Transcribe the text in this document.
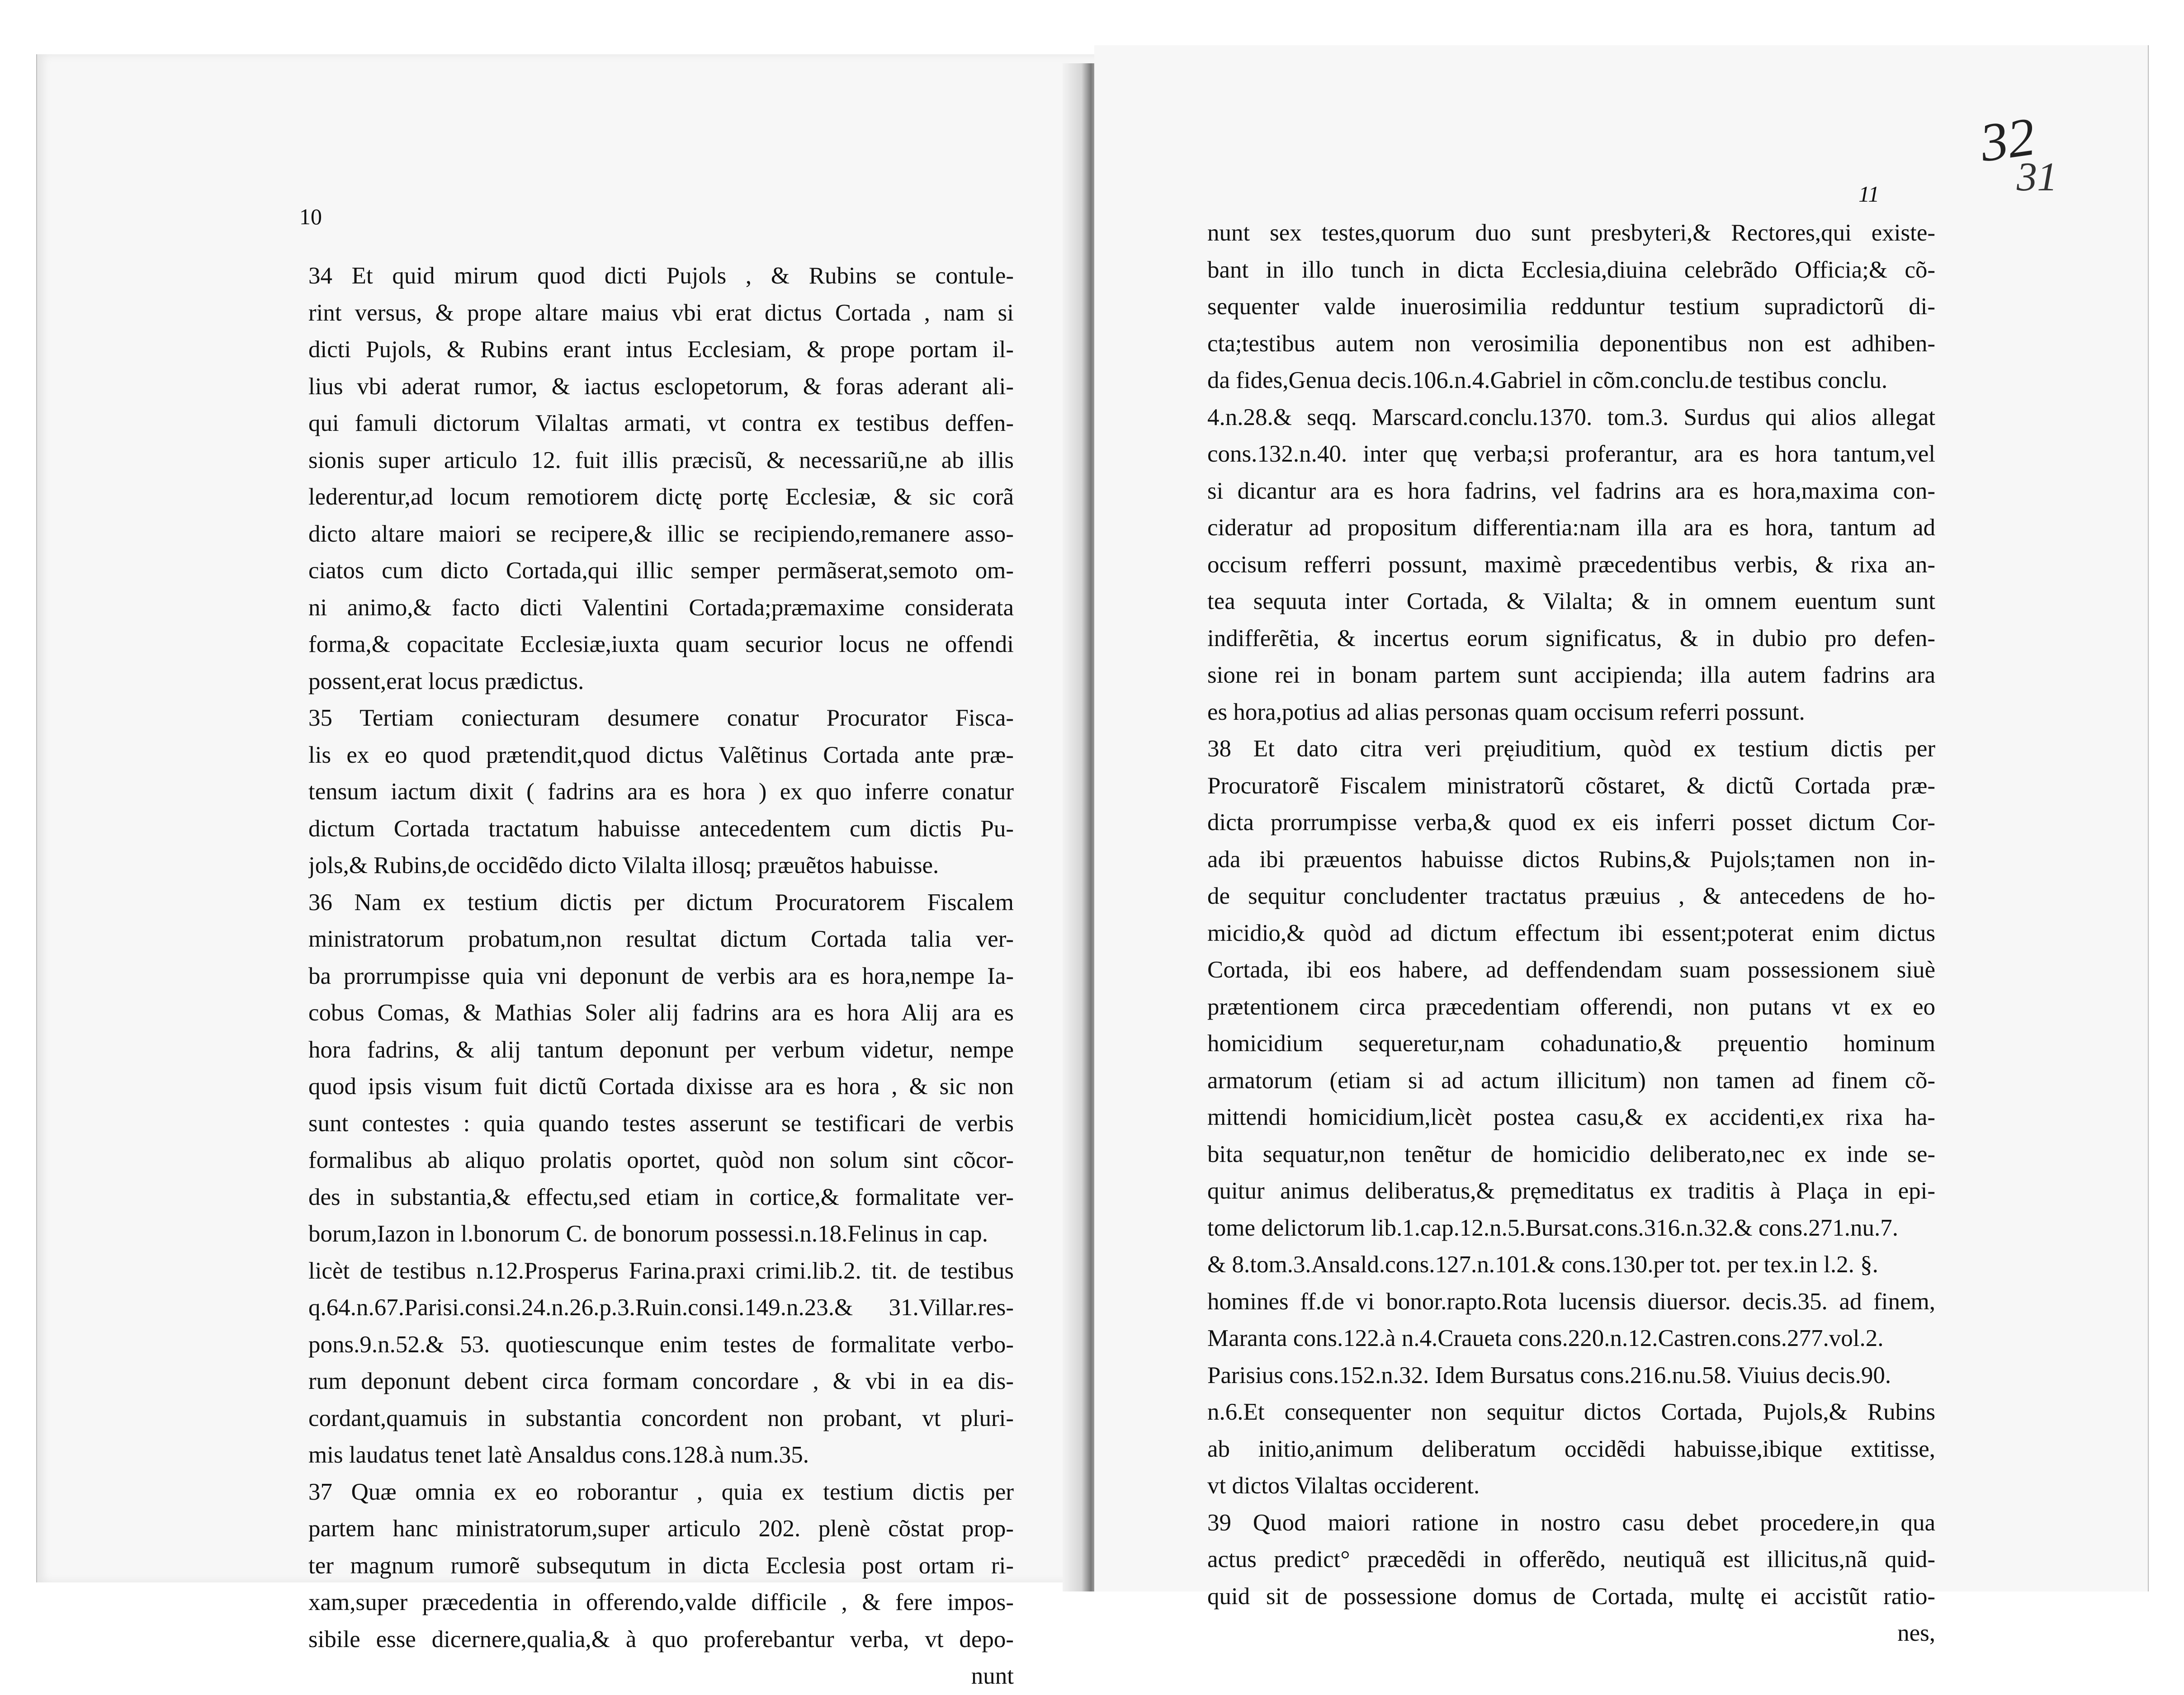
10
34 Et quid mirum quod dicti Pujols , & Rubins se contule-
rint versus, & prope altare maius vbi erat dictus Cortada , nam si
dicti Pujols, & Rubins erant intus Ecclesiam, & prope portam il-
lius vbi aderat rumor, & iactus esclopetorum, & foras aderant ali-
qui famuli dictorum Vilaltas armati, vt contra ex testibus deffen-
sionis super articulo 12. fuit illis præcisũ, & necessariũ,ne ab illis
lederentur,ad locum remotiorem dictę portę Ecclesiæ, & sic corã
dicto altare maiori se recipere,& illic se recipiendo,remanere asso-
ciatos cum dicto Cortada,qui illic semper permãserat,semoto om-
ni animo,& facto dicti Valentini Cortada;præmaxime considerata
forma,& copacitate Ecclesiæ,iuxta quam securior locus ne offendi
possent,erat locus prædictus.
35 Tertiam coniecturam desumere conatur Procurator Fisca-
lis ex eo quod prætendit,quod dictus Valẽtinus Cortada ante præ-
tensum iactum dixit ( fadrins ara es hora ) ex quo inferre conatur
dictum Cortada tractatum habuisse antecedentem cum dictis Pu-
jols,& Rubins,de occidẽdo dicto Vilalta illosq; præuẽtos habuisse.
36 Nam ex testium dictis per dictum Procuratorem Fiscalem
ministratorum probatum,non resultat dictum Cortada talia ver-
ba prorrumpisse quia vni deponunt de verbis ara es hora,nempe Ia-
cobus Comas, & Mathias Soler alij fadrins ara es hora Alij ara es
hora fadrins, & alij tantum deponunt per verbum videtur, nempe
quod ipsis visum fuit dictũ Cortada dixisse ara es hora , & sic non
sunt contestes : quia quando testes asserunt se testificari de verbis
formalibus ab aliquo prolatis oportet, quòd non solum sint cõcor-
des in substantia,& effectu,sed etiam in cortice,& formalitate ver-
borum,Iazon in l.bonorum C. de bonorum possessi.n.18.Felinus in cap.
licèt de testibus n.12.Prosperus Farina.praxi crimi.lib.2. tit. de testibus
q.64.n.67.Parisi.consi.24.n.26.p.3.Ruin.consi.149.n.23.& 31.Villar.res-
pons.9.n.52.& 53. quotiescunque enim testes de formalitate verbo-
rum deponunt debent circa formam concordare , & vbi in ea dis-
cordant,quamuis in substantia concordent non probant, vt pluri-
mis laudatus tenet latè Ansaldus cons.128.à num.35.
37 Quæ omnia ex eo roborantur , quia ex testium dictis per
partem hanc ministratorum,super articulo 202. plenè cõstat prop-
ter magnum rumorẽ subsequtum in dicta Ecclesia post ortam ri-
xam,super præcedentia in offerendo,valde difficile , & fere impos-
sibile esse dicernere,qualia,& à quo proferebantur verba, vt depo-
nunt
32
31
11
nunt sex testes,quorum duo sunt presbyteri,& Rectores,qui existe-
bant in illo tunch in dicta Ecclesia,diuina celebrãdo Officia;& cõ-
sequenter valde inuerosimilia redduntur testium supradictorũ di-
cta;testibus autem non verosimilia deponentibus non est adhiben-
da fides,Genua decis.106.n.4.Gabriel in cõm.conclu.de testibus conclu.
4.n.28.& seqq. Marscard.conclu.1370. tom.3. Surdus qui alios allegat
cons.132.n.40. inter quę verba;si proferantur, ara es hora tantum,vel
si dicantur ara es hora fadrins, vel fadrins ara es hora,maxima con-
cideratur ad propositum differentia:nam illa ara es hora, tantum ad
occisum refferri possunt, maximè præcedentibus verbis, & rixa an-
tea sequuta inter Cortada, & Vilalta; & in omnem euentum sunt
indifferẽtia, & incertus eorum significatus, & in dubio pro defen-
sione rei in bonam partem sunt accipienda; illa autem fadrins ara
es hora,potius ad alias personas quam occisum referri possunt.
38 Et dato citra veri pręiuditium, quòd ex testium dictis per
Procuratorẽ Fiscalem ministratorũ cõstaret, & dictũ Cortada præ-
dicta prorrumpisse verba,& quod ex eis inferri posset dictum Cor-
ada ibi præuentos habuisse dictos Rubins,& Pujols;tamen non in-
de sequitur concludenter tractatus præuius , & antecedens de ho-
micidio,& quòd ad dictum effectum ibi essent;poterat enim dictus
Cortada, ibi eos habere, ad deffendendam suam possessionem siuè
prætentionem circa præcedentiam offerendi, non putans vt ex eo
homicidium sequeretur,nam cohadunatio,& pręuentio hominum
armatorum (etiam si ad actum illicitum) non tamen ad finem cõ-
mittendi homicidium,licèt postea casu,& ex accidenti,ex rixa ha-
bita sequatur,non tenẽtur de homicidio deliberato,nec ex inde se-
quitur animus deliberatus,& pręmeditatus ex traditis à Plaça in epi-
tome delictorum lib.1.cap.12.n.5.Bursat.cons.316.n.32.& cons.271.nu.7.
& 8.tom.3.Ansald.cons.127.n.101.& cons.130.per tot. per tex.in l.2. §.
homines ff.de vi bonor.rapto.Rota lucensis diuersor. decis.35. ad finem,
Maranta cons.122.à n.4.Craueta cons.220.n.12.Castren.cons.277.vol.2.
Parisius cons.152.n.32. Idem Bursatus cons.216.nu.58. Viuius decis.90.
n.6.Et consequenter non sequitur dictos Cortada, Pujols,& Rubins
ab initio,animum deliberatum occidẽdi habuisse,ibique extitisse,
vt dictos Vilaltas occiderent.
39 Quod maiori ratione in nostro casu debet procedere,in qua
actus predict° præcedẽdi in offerẽdo, neutiquã est illicitus,nã quid-
quid sit de possessione domus de Cortada, multę ei accistũt ratio-
nes,
